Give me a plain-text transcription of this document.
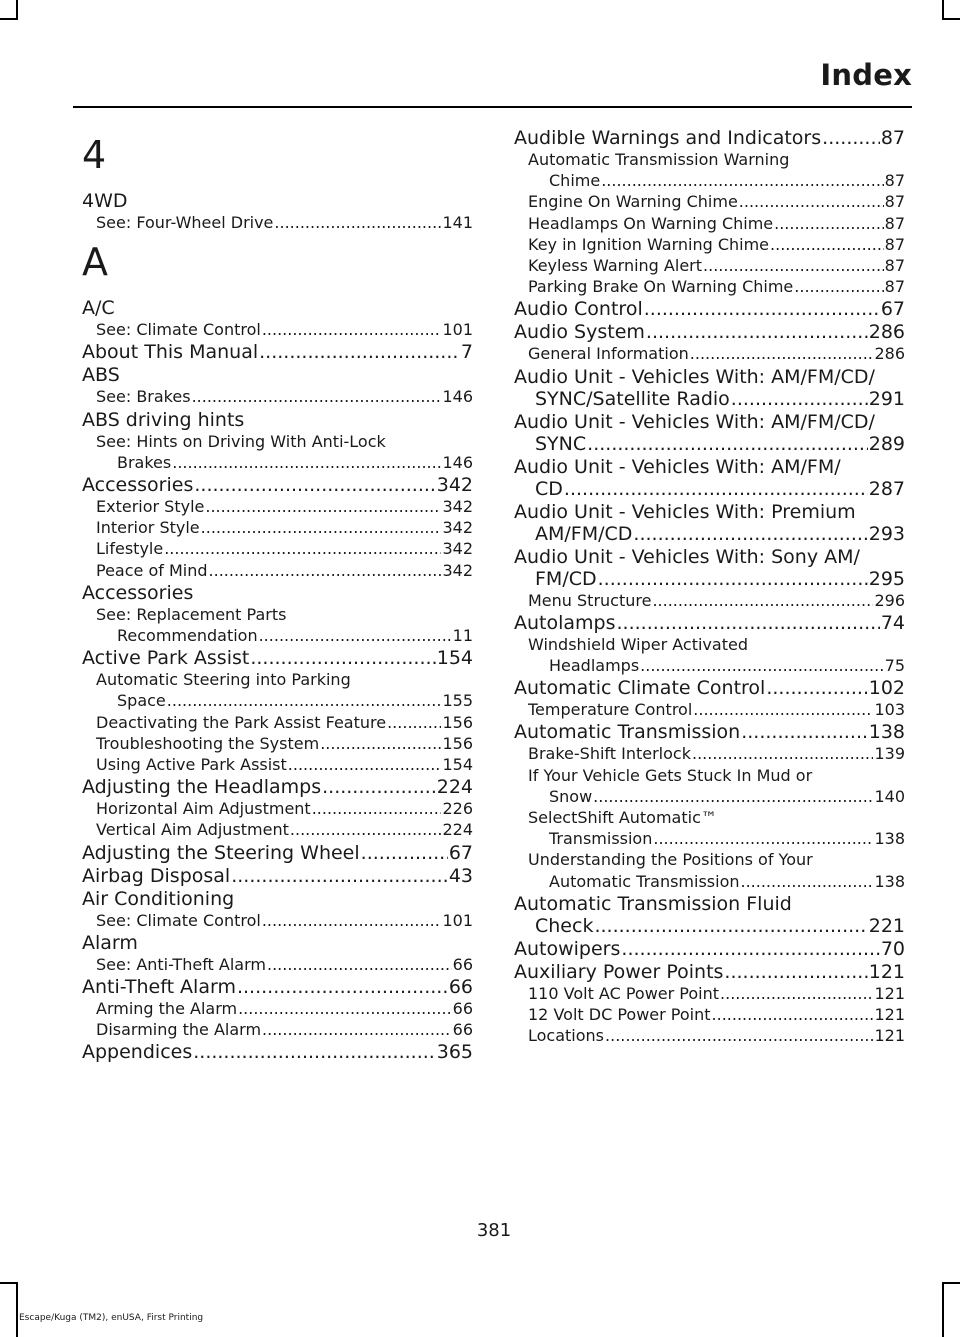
Index
4
4WD
See: Four-Wheel Drive .....	141
A
A/C
See: Climate Control .....	101
About This Manual .....	7
ABS
See: Brakes .....	146
ABS driving hints
See: Hints on Driving With Anti-Lock
Brakes .....	146
Accessories .....	342
Exterior Style .....	342
Interior Style .....	342
Lifestyle .....	342
Peace of Mind .....	342
Accessories
See: Replacement Parts
Recommendation .....	11
Active Park Assist .....	154
Automatic Steering into Parking
Space .....	155
Deactivating the Park Assist Feature .....	156
Troubleshooting the System .....	156
Using Active Park Assist .....	154
Adjusting the Headlamps .....	224
Horizontal Aim Adjustment .....	226
Vertical Aim Adjustment .....	224
Adjusting the Steering Wheel .....	67
Airbag Disposal .....	43
Air Conditioning
See: Climate Control .....	101
Alarm
See: Anti-Theft Alarm .....	66
Anti-Theft Alarm .....	66
Arming the Alarm .....	66
Disarming the Alarm .....	66
Appendices .....	365
Audible Warnings and Indicators .....	87
Automatic Transmission Warning
Chime .....	87
Engine On Warning Chime .....	87
Headlamps On Warning Chime .....	87
Key in Ignition Warning Chime .....	87
Keyless Warning Alert .....	87
Parking Brake On Warning Chime .....	87
Audio Control .....	67
Audio System .....	286
General Information .....	286
Audio Unit - Vehicles With: AM/FM/CD/
SYNC/Satellite Radio .....	291
Audio Unit - Vehicles With: AM/FM/CD/
SYNC .....	289
Audio Unit - Vehicles With: AM/FM/
CD .....	287
Audio Unit - Vehicles With: Premium
AM/FM/CD .....	293
Audio Unit - Vehicles With: Sony AM/
FM/CD .....	295
Menu Structure .....	296
Autolamps .....	74
Windshield Wiper Activated
Headlamps .....	75
Automatic Climate Control .....	102
Temperature Control .....	103
Automatic Transmission .....	138
Brake-Shift Interlock .....	139
If Your Vehicle Gets Stuck In Mud or
Snow .....	140
SelectShift Automatic™
Transmission .....	138
Understanding the Positions of Your
Automatic Transmission .....	138
Automatic Transmission Fluid
Check .....	221
Autowipers .....	70
Auxiliary Power Points .....	121
110 Volt AC Power Point .....	121
12 Volt DC Power Point .....	121
Locations .....	121
381
Escape/Kuga (TM2), enUSA, First Printing
